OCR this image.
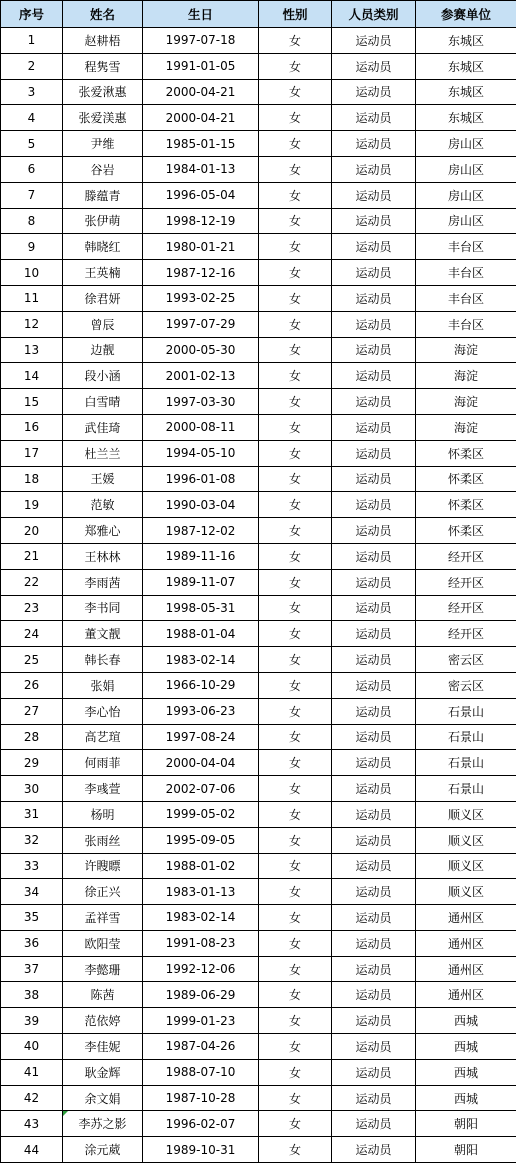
序号	姓名	生日	性别	人员类别	参赛单位
1	赵耕梧	1997-07-18	女	运动员	东城区
2	程隽雪	1991-01-05	女	运动员	东城区
3	张爱湫惠	2000-04-21	女	运动员	东城区
4	张爱渼惠	2000-04-21	女	运动员	东城区
5	尹维	1985-01-15	女	运动员	房山区
6	谷岩	1984-01-13	女	运动员	房山区
7	滕蕴青	1996-05-04	女	运动员	房山区
8	张伊萌	1998-12-19	女	运动员	房山区
9	韩晓红	1980-01-21	女	运动员	丰台区
10	王英楠	1987-12-16	女	运动员	丰台区
11	徐君妍	1993-02-25	女	运动员	丰台区
12	曾辰	1997-07-29	女	运动员	丰台区
13	边靓	2000-05-30	女	运动员	海淀
14	段小涵	2001-02-13	女	运动员	海淀
15	白雪晴	1997-03-30	女	运动员	海淀
16	武佳琦	2000-08-11	女	运动员	海淀
17	杜兰兰	1994-05-10	女	运动员	怀柔区
18	王媛	1996-01-08	女	运动员	怀柔区
19	范敏	1990-03-04	女	运动员	怀柔区
20	郑雅心	1987-12-02	女	运动员	怀柔区
21	王林林	1989-11-16	女	运动员	经开区
22	李雨茜	1989-11-07	女	运动员	经开区
23	李书同	1998-05-31	女	运动员	经开区
24	董文靓	1988-01-04	女	运动员	经开区
25	韩长春	1983-02-14	女	运动员	密云区
26	张娟	1966-10-29	女	运动员	密云区
27	李心怡	1993-06-23	女	运动员	石景山
28	高艺瑄	1997-08-24	女	运动员	石景山
29	何雨菲	2000-04-04	女	运动员	石景山
30	李彧萱	2002-07-06	女	运动员	石景山
31	杨明	1999-05-02	女	运动员	顺义区
32	张雨丝	1995-09-05	女	运动员	顺义区
33	许瞍瞟	1988-01-02	女	运动员	顺义区
34	徐正兴	1983-01-13	女	运动员	顺义区
35	孟祥雪	1983-02-14	女	运动员	通州区
36	欧阳莹	1991-08-23	女	运动员	通州区
37	李懿珊	1992-12-06	女	运动员	通州区
38	陈茜	1989-06-29	女	运动员	通州区
39	范依婷	1999-01-23	女	运动员	西城
40	李佳妮	1987-04-26	女	运动员	西城
41	耿金辉	1988-07-10	女	运动员	西城
42	余文娟	1987-10-28	女	运动员	西城
43	李苏之影	1996-02-07	女	运动员	朝阳
44	涂元葳	1989-10-31	女	运动员	朝阳
